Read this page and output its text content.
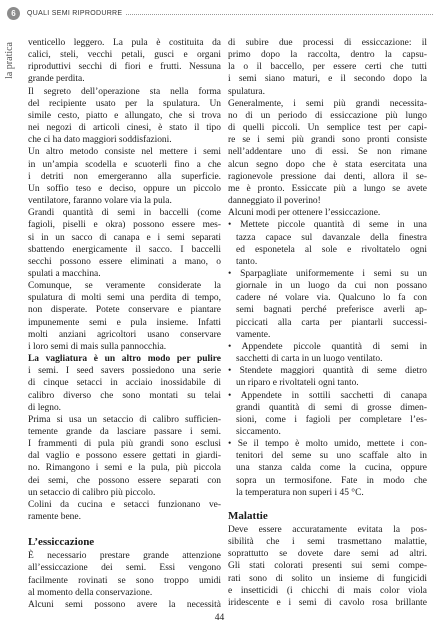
6	QUALI SEMI RIPRODURRE
la pratica venticello leggero. La pula è costituita da
calici, steli, vecchi petali, gusci e organi
riproduttivi secchi di fiori e frutti. Nessuna
grande perdita.
Il segreto dell’operazione sta nella forma
del recipiente usato per la spulatura. Un
simile cesto, piatto e allungato, che si trova
nei negozi di articoli cinesi, è stato il tipo
che ci ha dato maggiori soddisfazioni.
Un altro metodo consiste nel mettere i semi
in un’ampia scodella e scuoterli fino a che
i detriti non emergeranno alla superficie.
Un soffio teso e deciso, oppure un piccolo
ventilatore, faranno volare via la pula.
Grandi quantità di semi in baccelli (come
fagioli, piselli e okra) possono essere mes-
si in un sacco di canapa e i semi separati
sbattendo energicamente il sacco. I baccelli
secchi possono essere eliminati a mano, o
spulati a macchina.
Comunque, se veramente considerate la
spulatura di molti semi una perdita di tempo,
non disperate. Potete conservare e piantare
impunemente semi e pula insieme. Infatti
molti anziani agricoltori usano conservare
i loro semi di mais sulla pannocchia.
La vagliatura è un altro modo per pulire
i semi. I seed savers possiedono una serie
di cinque setacci in acciaio inossidabile di
calibro diverso che sono montati su telai
di legno.
Prima si usa un setaccio di calibro sufficien-
temente grande da lasciare passare i semi.
I frammenti di pula più grandi sono esclusi
dal vaglio e possono essere gettati in giardi-
no. Rimangono i semi e la pula, più piccola
dei semi, che possono essere separati con
un setaccio di calibro più piccolo.
Colini da cucina e setacci funzionano ve-
ramente bene.
L’essiccazione
È necessario prestare grande attenzione
all’essiccazione dei semi. Essi vengono
facilmente rovinati se sono troppo umidi
al momento della conservazione.
Alcuni semi possono avere la necessità
di subire due processi di essiccazione: il
primo dopo la raccolta, dentro la capsu-
la o il baccello, per essere certi che tutti
i semi siano maturi, e il secondo dopo la
spulatura.
Generalmente, i semi più grandi necessita-
no di un periodo di essiccazione più lungo
di quelli piccoli. Un semplice test per capi-
re se i semi più grandi sono pronti consiste
nell’addentare uno di essi. Se non rimane
alcun segno dopo che è stata esercitata una
ragionevole pressione dai denti, allora il se-
me è pronto. Essiccate più a lungo se avete
danneggiato il poverino!
Alcuni modi per ottenere l’essiccazione.
• Mettete piccole quantità di seme in una
tazza capace sul davanzale della finestra
ed esponetela al sole e rivoltatelo ogni
tanto.
• Sparpagliate uniformemente i semi su un
giornale in un luogo da cui non possano
cadere né volare via. Qualcuno lo fa con
semi bagnati perché preferisce averli ap-
piccicati alla carta per piantarli successi-
vamente.
• Appendete piccole quantità di semi in
sacchetti di carta in un luogo ventilato.
• Stendete maggiori quantità di seme dietro
un riparo e rivoltateli ogni tanto.
• Appendete in sottili sacchetti di canapa
grandi quantità di semi di grosse dimen-
sioni, come i fagioli per completare l’es-
siccamento.
• Se il tempo è molto umido, mettete i con-
tenitori del seme su uno scaffale alto in
una stanza calda come la cucina, oppure
sopra un termosifone. Fate in modo che
la temperatura non superi i 45 °C.
Malattie
Deve essere accuratamente evitata la pos-
sibilità che i semi trasmettano malattie,
soprattutto se dovete dare semi ad altri.
Gli stati colorati presenti sui semi compe-
rati sono di solito un insieme di fungicidi
e insetticidi (i chicchi di mais color viola
iridescente e i semi di cavolo rosa brillante
44
